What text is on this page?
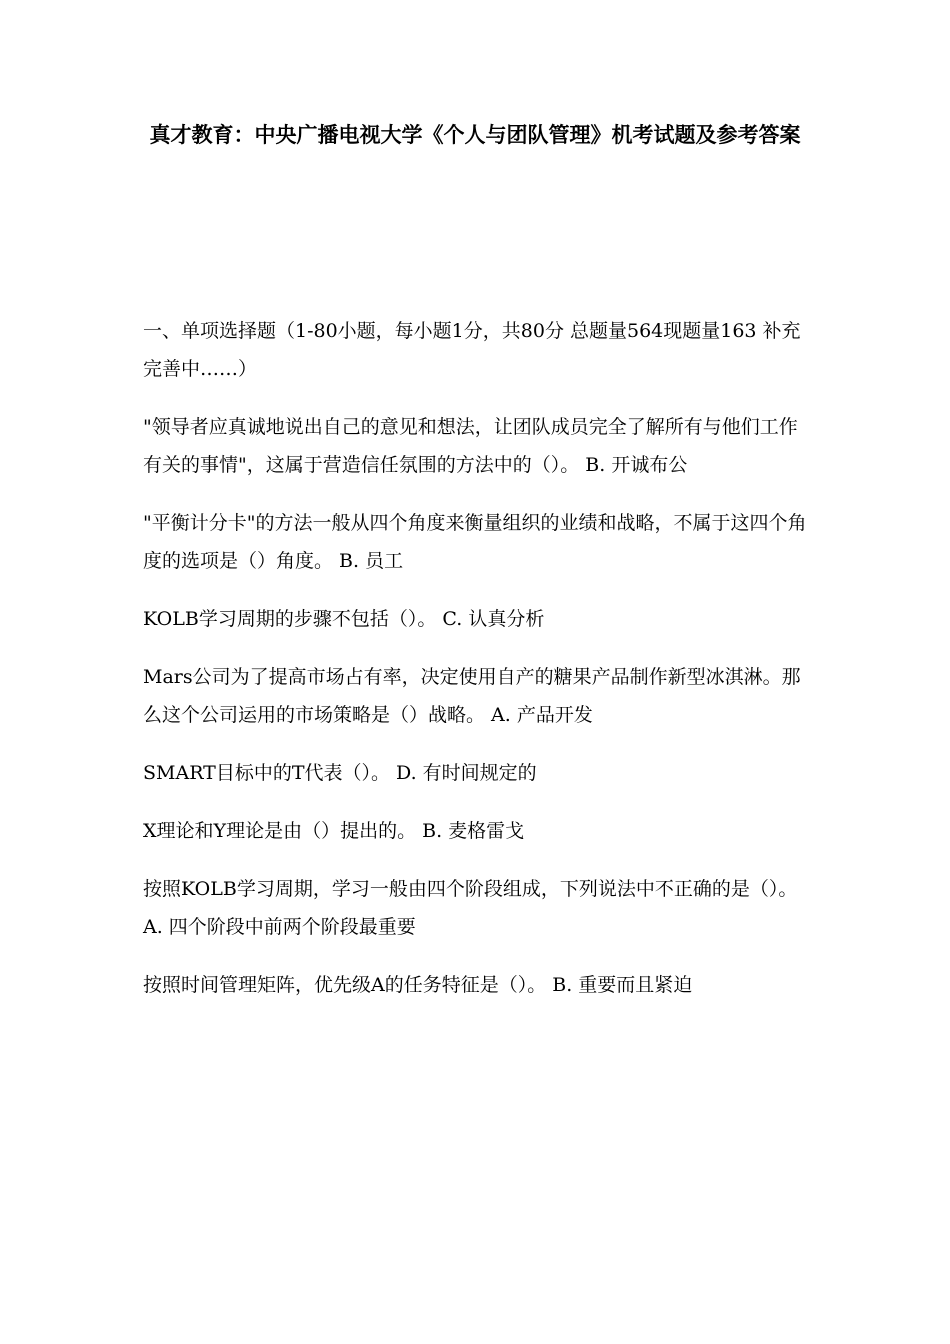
真才教育：中央广播电视大学《个人与团队管理》机考试题及参考答案

一、单项选择题（1-80小题，每小题1分，共80分 总题量564现题量163 补充完善中……）

"领导者应真诚地说出自己的意见和想法，让团队成员完全了解所有与他们工作有关的事情"，这属于营造信任氛围的方法中的（）。 B. 开诚布公

"平衡计分卡"的方法一般从四个角度来衡量组织的业绩和战略，不属于这四个角度的选项是（）角度。 B. 员工

KOLB学习周期的步骤不包括（）。 C. 认真分析

Mars公司为了提高市场占有率，决定使用自产的糖果产品制作新型冰淇淋。那么这个公司运用的市场策略是（）战略。 A. 产品开发

SMART目标中的T代表（）。 D. 有时间规定的

X理论和Y理论是由（）提出的。 B. 麦格雷戈

按照KOLB学习周期，学习一般由四个阶段组成，下列说法中不正确的是（）。 A. 四个阶段中前两个阶段最重要

按照时间管理矩阵，优先级A的任务特征是（）。 B. 重要而且紧迫
